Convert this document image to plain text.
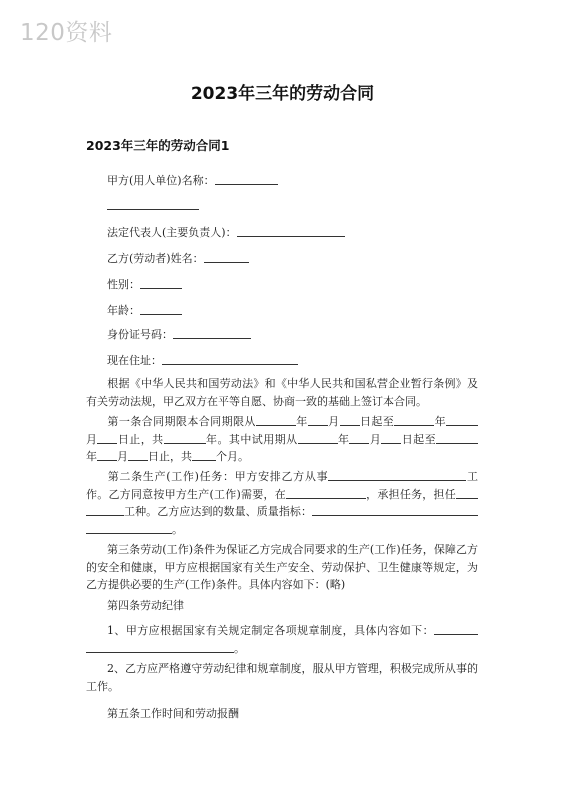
120资料
2023年三年的劳动合同
2023年三年的劳动合同1
甲方(用人单位)名称：
法定代表人(主要负责人)：
乙方(劳动者)姓名：
性别：
年龄：
身份证号码：
现在住址：
根据《中华人民共和国劳动法》和《中华人民共和国私营企业暂行条例》及有关劳动法规，甲乙双方在平等自愿、协商一致的基础上签订本合同。
第一条合同期限本合同期限从	年 月 日起至	年月 日止，共	年。其中试用期从	年 月 日起至年 月 日止，共 个月。
第二条生产(工作)任务：甲方安排乙方从事	工作。乙方同意按甲方生产(工作)需要，在	，承担任务，担任工种。乙方应达到的数量、质量指标：。
第三条劳动(工作)条件为保证乙方完成合同要求的生产(工作)任务，保障乙方的安全和健康，甲方应根据国家有关生产安全、劳动保护、卫生健康等规定，为乙方提供必要的生产(工作)条件。具体内容如下：(略)
第四条劳动纪律
1、甲方应根据国家有关规定制定各项规章制度，具体内容如下：。
2、乙方应严格遵守劳动纪律和规章制度，服从甲方管理，积极完成所从事的工作。
第五条工作时间和劳动报酬
